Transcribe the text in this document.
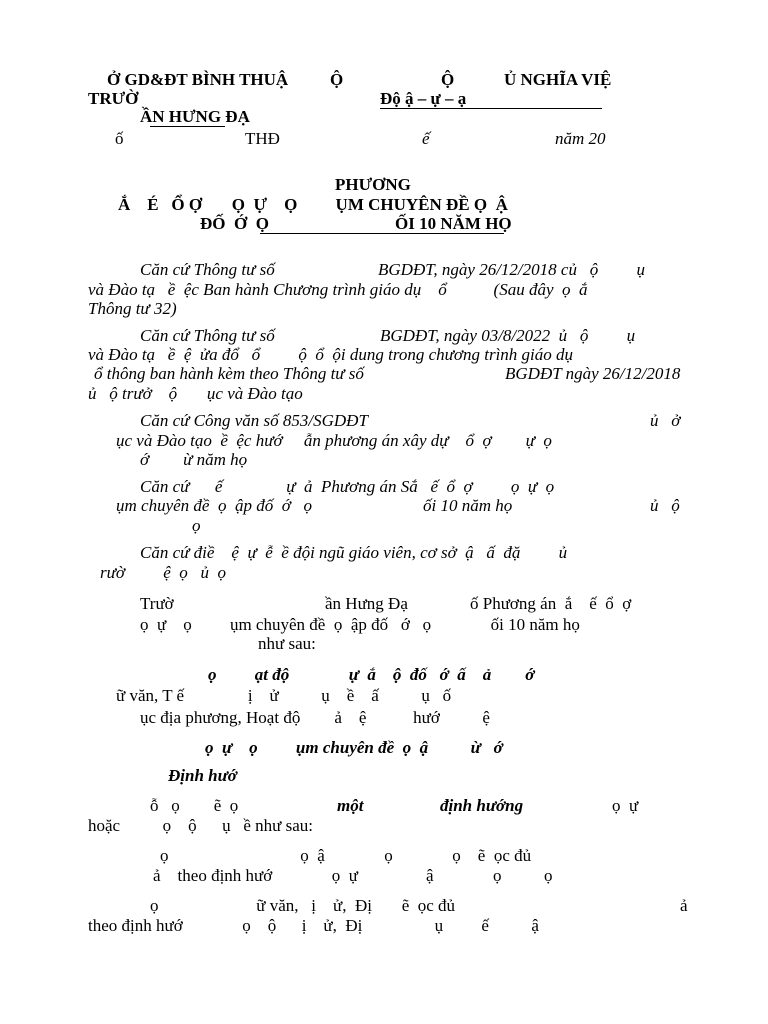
Ở GD&ĐT BÌNH THUẬ
TRƯỜ
ẦN HƯNG ĐẠ
Ộ	Ộ	Ủ NGHĨA VIỆ
Độ ậ – ự – ạ
ố	THĐ	ế	năm 20
PHƯƠNG
Ắ    É   Ổ Ợ       Ọ  Ự    Ọ         ỤM CHUYÊN ĐỀ Ọ  Ậ
ĐỐ  Ớ  Ọ	ỐI 10 NĂM HỌ
Căn cứ Thông tư số	BGDĐT, ngày 26/12/2018 củ   ộ         ụ
và Đào tạ   ề  ệc Ban hành Chương trình giáo dụ    ổ           (Sau đây  ọ  ắ
Thông tư 32)
Căn cứ Thông tư số	BGDĐT, ngày 03/8/2022  ủ   ộ         ụ
và Đào tạ   ề  ệ  ửa đổ   ổ         ộ  ổ  ội dung trong chương trình giáo dụ
ổ thông ban hành kèm theo Thông tư số	BGDĐT ngày 26/12/2018
ủ   ộ trưở    ộ       ục và Đào tạo
Căn cứ Công văn số 853/SGDĐT	ủ   ở
ục và Đào tạo  ề  ệc hướ     ẫn phương án xây dự    ổ  ợ        ự  ọ
ớ        ừ năm họ
Căn cứ      ế               ự  ả  Phương án Sắ   ế  ổ  ợ         ọ  ự  ọ
ụm chuyên đề  ọ  ập đố  ớ   ọ	ối 10 năm họ	ủ   ộ
ọ
Căn cứ điề    ệ  ự  ễ  ề đội ngũ giáo viên, cơ sở  ậ   ấ  đặ         ủ
rườ         ệ  ọ   ủ  ọ
Trườ	ần Hưng Đạ	ố Phương án  ắ    ế  ổ  ợ
ọ  ự    ọ         ụm chuyên đề  ọ  ập đố   ớ   ọ              ối 10 năm họ
như sau:
ọ         ạt độ              ự  ắ    ộ  đố   ớ  ấ    ả        ớ
ữ văn, T ế               ị    ử          ụ    ề    ấ          ụ   ố
ục địa phương, Hoạt độ        ả    ệ           hướ          ệ
ọ  ự    ọ         ụm chuyên đề  ọ  ậ          ừ   ớ
Định hướ
ỗ   ọ        ẽ  ọ	một	định hướng	ọ  ự
hoặc          ọ    ộ      ụ   ề như sau:
ọ                               ọ  ậ              ọ              ọ    ẽ  ọc đủ
ả    theo định hướ              ọ  ự                ậ              ọ          ọ
ọ                       ữ văn,   ị    ử,  Đị       ẽ  ọc đủ	ả
theo định hướ              ọ    ộ      ị    ử,  Đị                 ụ         ế          ậ
